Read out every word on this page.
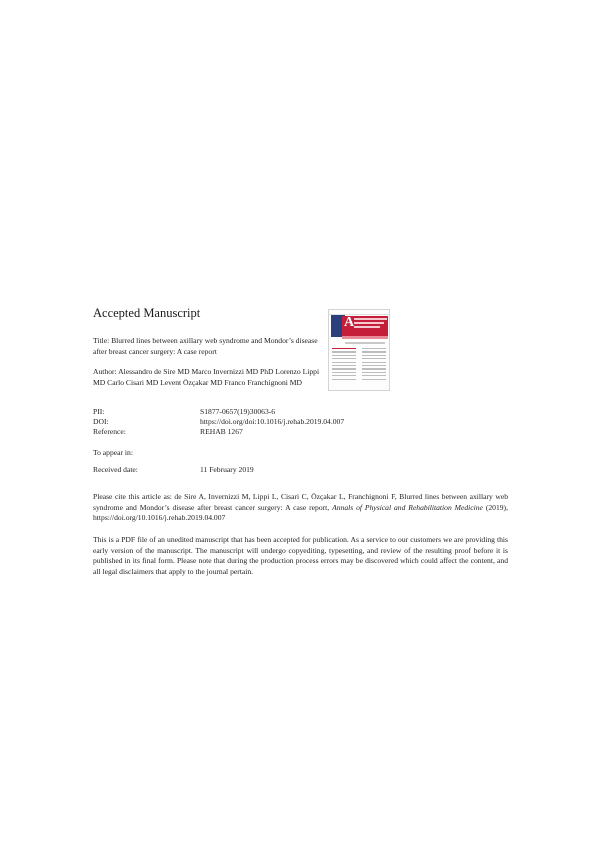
Accepted Manuscript
A
Title: Blurred lines between axillary web syndrome and Mondor’s disease after breast cancer surgery: A case report
Author: Alessandro de Sire MD Marco Invernizzi MD PhD Lorenzo Lippi MD Carlo Cisari MD Levent Özçakar MD Franco Franchignoni MD
PII:	S1877-0657(19)30063-6
DOI:	https://doi.org/doi:10.1016/j.rehab.2019.04.007
Reference:	REHAB 1267
To appear in:
Received date:	11 February 2019
Please cite this article as: de Sire A, Invernizzi M, Lippi L, Cisari C, Özçakar L, Franchignoni F, Blurred lines between axillary web syndrome and Mondor’s disease after breast cancer surgery: A case report, Annals of Physical and Rehabilitation Medicine (2019), https://doi.org/10.1016/j.rehab.2019.04.007
This is a PDF file of an unedited manuscript that has been accepted for publication. As a service to our customers we are providing this early version of the manuscript. The manuscript will undergo copyediting, typesetting, and review of the resulting proof before it is published in its final form. Please note that during the production process errors may be discovered which could affect the content, and all legal disclaimers that apply to the journal pertain.
